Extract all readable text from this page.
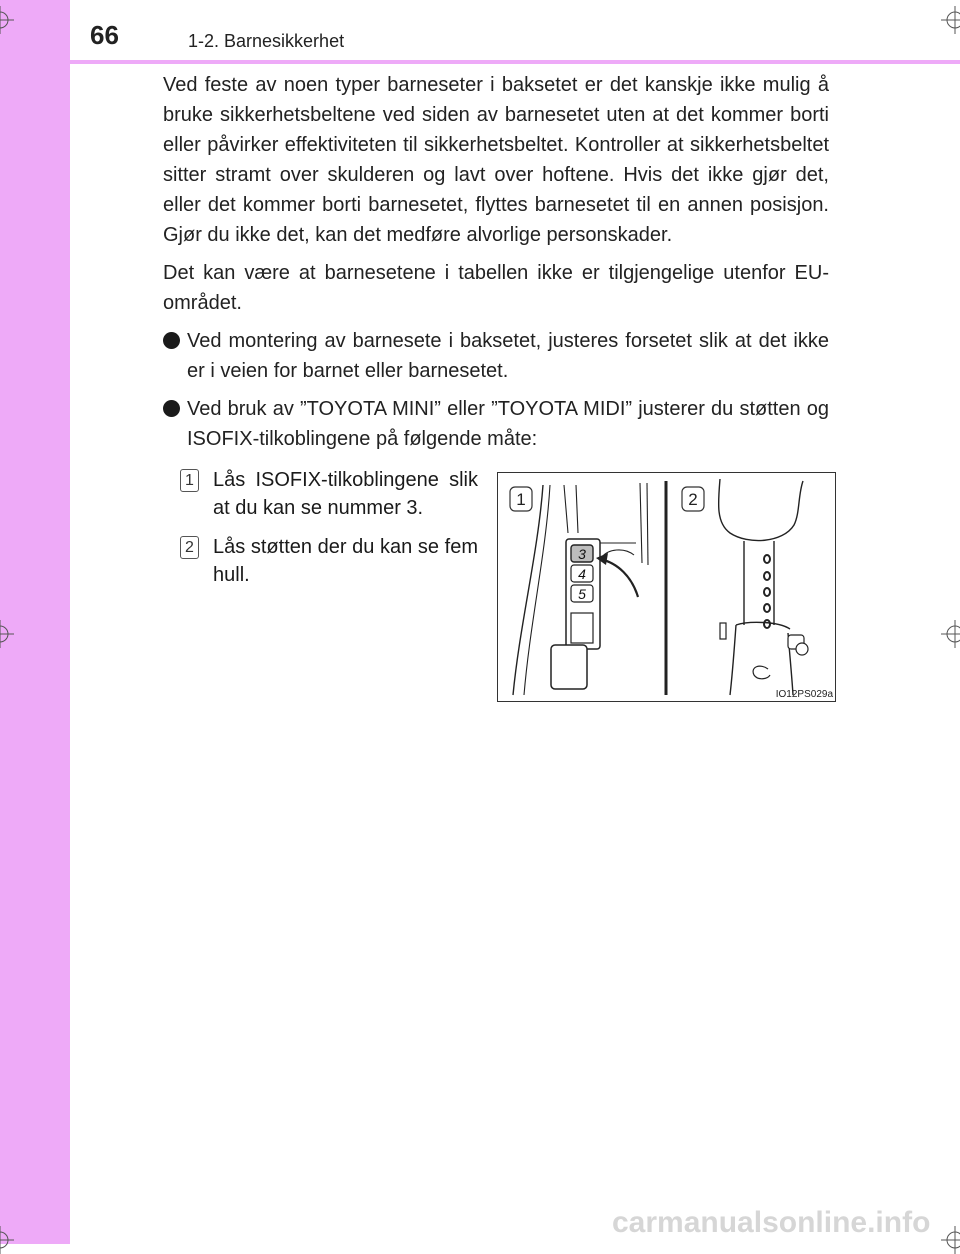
66	1-2. Barnesikkerhet

Ved feste av noen typer barneseter i baksetet er det kanskje ikke mulig å bruke sikkerhetsbeltene ved siden av barnesetet uten at det kommer borti eller påvirker effektiviteten til sikkerhetsbeltet. Kontroller at sikkerhetsbeltet sitter stramt over skulderen og lavt over hoftene. Hvis det ikke gjør det, eller det kommer borti barnesetet, flyttes barnesetet til en annen posisjon. Gjør du ikke det, kan det medføre alvorlige personskader.

Det kan være at barnesetene i tabellen ikke er tilgjengelige utenfor EU-området.

Ved montering av barnesete i baksetet, justeres forsetet slik at det ikke er i veien for barnet eller barnesetet.
Ved bruk av ”TOYOTA MINI” eller ”TOYOTA MIDI” justerer du støtten og ISOFIX-tilkoblingene på følgende måte:
1 Lås ISOFIX-tilkoblingene slik at du kan se nummer 3.
2 Lås støtten der du kan se fem hull.
3
4
5
1	2
IO12PS029a
carmanualsonline.info
